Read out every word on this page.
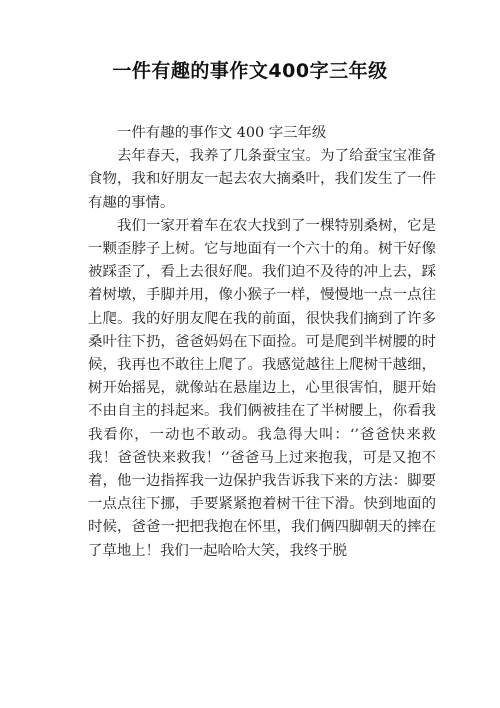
一件有趣的事作文400字三年级

一件有趣的事作文 400 字三年级

去年春天，我养了几条蚕宝宝。为了给蚕宝宝准备食物，我和好朋友一起去农大摘桑叶，我们发生了一件有趣的事情。

我们一家开着车在农大找到了一棵特别桑树，它是一颗歪脖子上树。它与地面有一个六十的角。树干好像被踩歪了，看上去很好爬。我们迫不及待的冲上去，踩着树墩，手脚并用，像小猴子一样，慢慢地一点一点往上爬。我的好朋友爬在我的前面，很快我们摘到了许多桑叶往下扔，爸爸妈妈在下面捡。可是爬到半树腰的时候，我再也不敢往上爬了。我感觉越往上爬树干越细，树开始摇晃，就像站在悬崖边上，心里很害怕，腿开始不由自主的抖起来。我们俩被挂在了半树腰上，你看我我看你，一动也不敢动。我急得大叫：‘’爸爸快来救我！爸爸快来救我！‘’爸爸马上过来抱我，可是又抱不着，他一边指挥我一边保护我告诉我下来的方法：脚要一点点往下挪，手要紧紧抱着树干往下滑。快到地面的时候，爸爸一把把我抱在怀里，我们俩四脚朝天的摔在了草地上！我们一起哈哈大笑，我终于脱
